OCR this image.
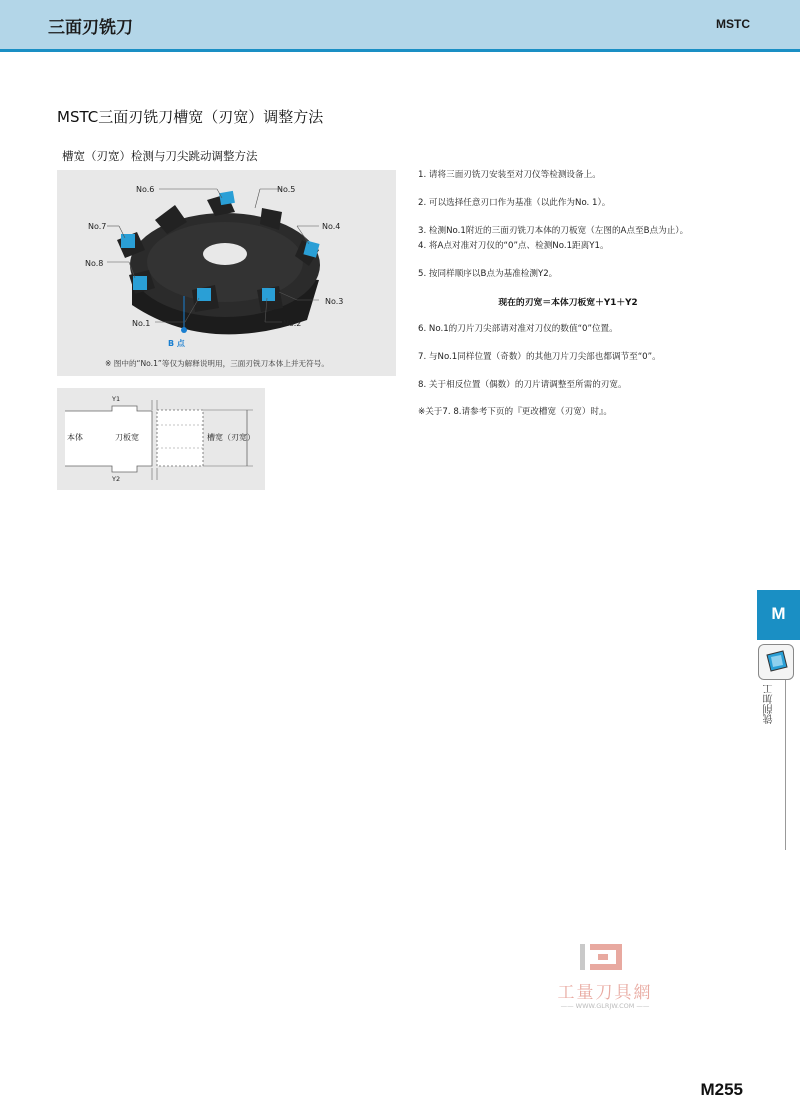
三面刃铣刀	MSTC
MSTC三面刃铣刀槽宽（刃宽）调整方法
槽宽（刃宽）检测与刀尖跳动调整方法
No.6	No.5
No.7	No.4
No.8
No.3
No.1	No.2
B 点
※ 图中的“No.1”等仅为解释说明用，三面刃铣刀本体上并无符号。
Y1
Y2
本体	刀板宽	槽宽（刃宽）
1. 请将三面刃铣刀安装至对刀仪等检测设备上。
2. 可以选择任意刃口作为基准（以此作为No. 1）。
3. 检测No.1附近的三面刃铣刀本体的刀板宽（左图的A点至B点为止）。
4. 将A点对准对刀仪的“0”点、检测No.1距离Y1。
5. 按同样顺序以B点为基准检测Y2。
现在的刃宽＝本体刀板宽＋Y1＋Y2
6. No.1的刀片刀尖部请对准对刀仪的数值“0”位置。
7. 与No.1同样位置（奇数）的其他刀片刀尖部也都调节至“0”。
8. 关于相反位置（偶数）的刀片请调整至所需的刃宽。
※关于7. 8.请参考下页的『更改槽宽（刃宽）时』。
M
铣削加工
工量刀具網
—— WWW.GLRJW.COM ——
M255
